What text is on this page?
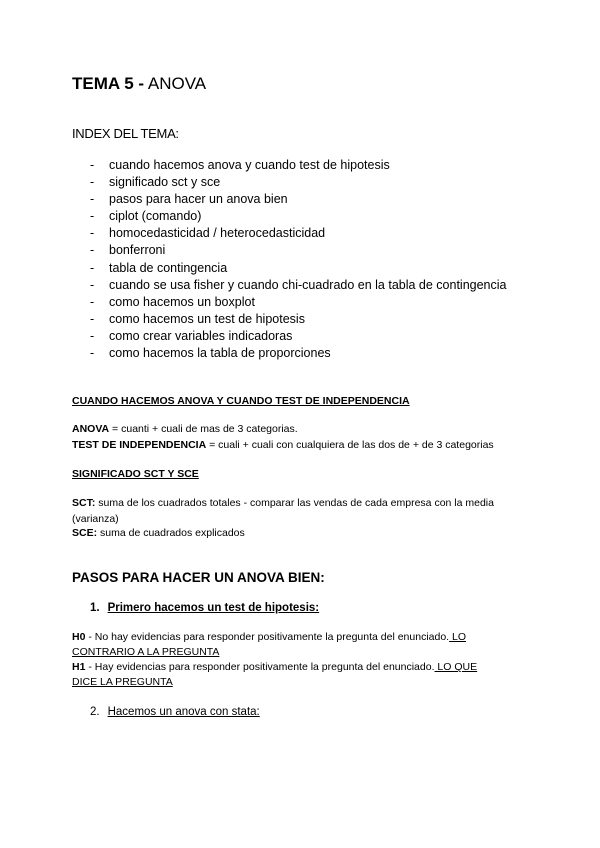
TEMA 5 - ANOVA
INDEX DEL TEMA:
- cuando hacemos anova y cuando test de hipotesis
- significado sct y sce
- pasos para hacer un anova bien
- ciplot (comando)
- homocedasticidad / heterocedasticidad
- bonferroni
- tabla de contingencia
- cuando se usa fisher y cuando chi-cuadrado en la tabla de contingencia
- como hacemos un boxplot
- como hacemos un test de hipotesis
- como crear variables indicadoras
- como hacemos la tabla de proporciones
CUANDO HACEMOS ANOVA Y CUANDO TEST DE INDEPENDENCIA
ANOVA = cuanti + cuali de mas de 3 categorias.
TEST DE INDEPENDENCIA = cuali + cuali con cualquiera de las dos de + de 3 categorias
SIGNIFICADO SCT Y SCE
SCT: suma de los cuadrados totales - comparar las vendas de cada empresa con la media
(varianza)
SCE: suma de cuadrados explicados
PASOS PARA HACER UN ANOVA BIEN:
1. Primero hacemos un test de hipotesis:
H0 - No hay evidencias para responder positivamente la pregunta del enunciado. LO
CONTRARIO A LA PREGUNTA
H1 - Hay evidencias para responder positivamente la pregunta del enunciado. LO QUE
DICE LA PREGUNTA
2. Hacemos un anova con stata:
